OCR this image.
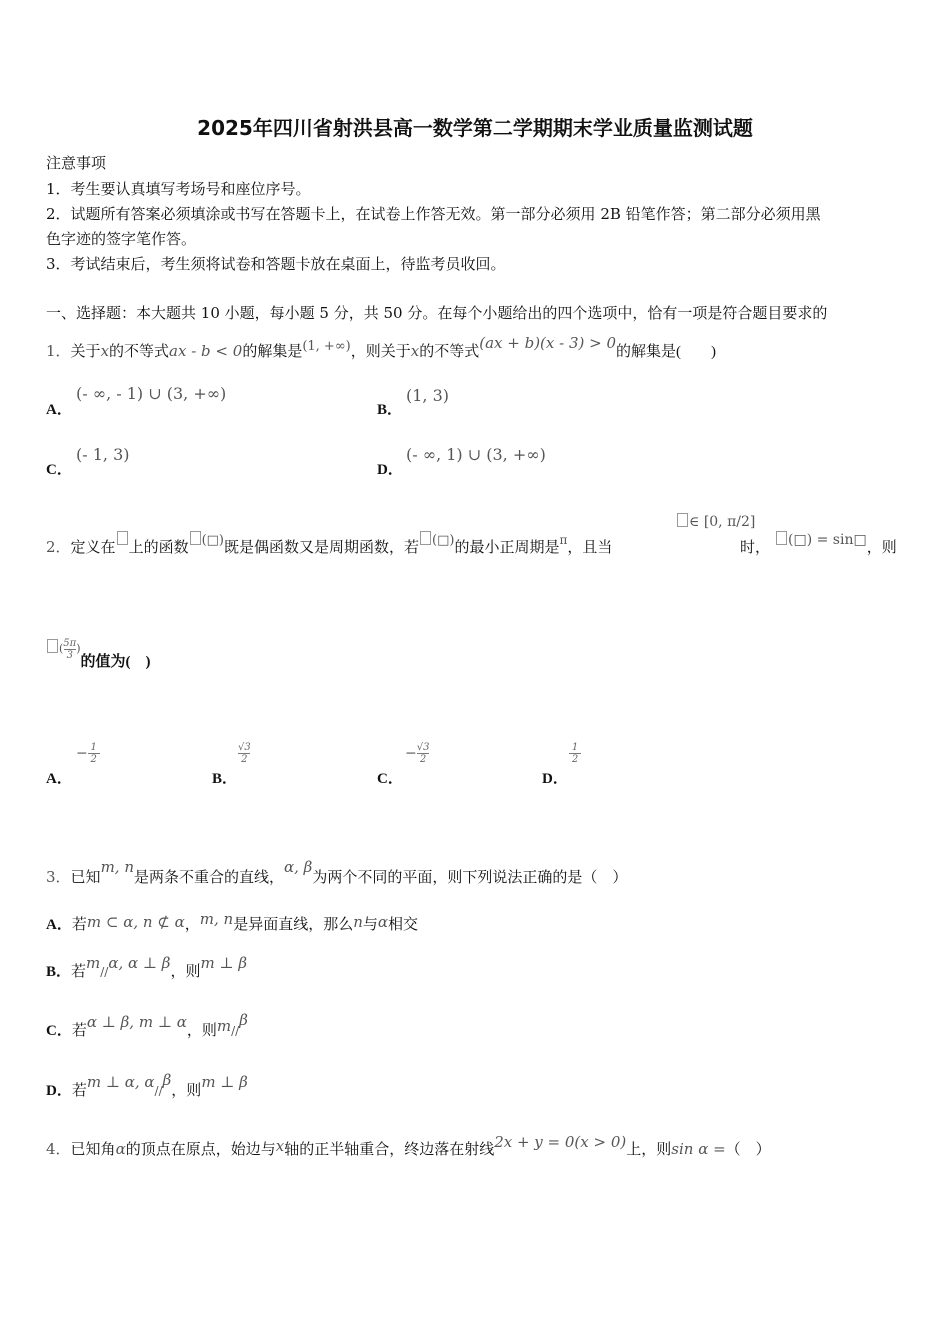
2025年四川省射洪县高一数学第二学期期末学业质量监测试题
注意事项
1．考生要认真填写考场号和座位序号。
2．试题所有答案必须填涂或书写在答题卡上，在试卷上作答无效。第一部分必须用 2B 铅笔作答；第二部分必须用黑
色字迹的签字笔作答。
3．考试结束后，考生须将试卷和答题卡放在桌面上，待监考员收回。
一、选择题：本大题共 10 小题，每小题 5 分，共 50 分。在每个小题给出的四个选项中，恰有一项是符合题目要求的
1．关于x的不等式ax - b < 0的解集是(1, +∞)，则关于x的不等式(ax + b)(x - 3) > 0的解集是(　　)
A．
(- ∞, - 1) ∪ (3, +∞)
B．
(1, 3)
C．
(- 1, 3)
D．
(- ∞, 1) ∪ (3, +∞)
2．定义在 上的函数 (□)既是偶函数又是周期函数，若 (□)的最小正周期是$^\pi$，且当
∈ [0, π/2]
时，	(□) = sin□，则
$^{( \frac{5\pi}{3} )}$的值为(　)
A．
− $\frac{1}{2}$
B．
$\frac{√3}{2}$
C．
− $\frac{√3}{2}$
D．
$\frac{1}{2}$
3．已知m, n是两条不重合的直线，α, β为两个不同的平面，则下列说法正确的是（　）
A．若m ⊂ α, n ⊄ α，m, n是异面直线，那么n与α相交
B．若m//α, α ⊥ β，则m ⊥ β
C．若α ⊥ β, m ⊥ α，则m//β
D．若m ⊥ α, α//β，则m ⊥ β
4．已知角α的顶点在原点，始边与x轴的正半轴重合，终边落在射线2x + y = 0(x > 0)上，则sin α =（　）
